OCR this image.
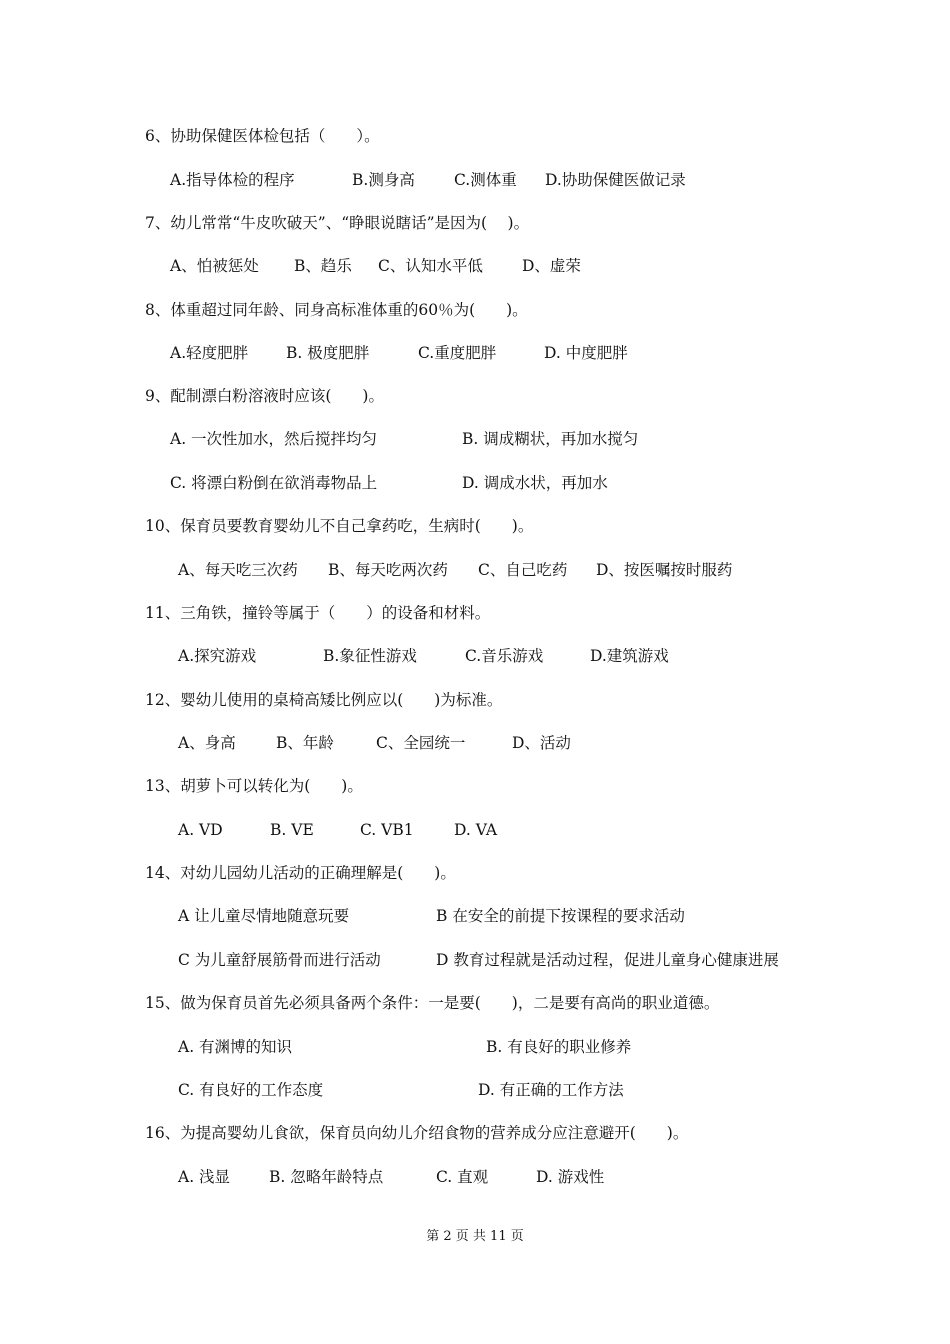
6、协助保健医体检包括（　　）。
A.指导体检的程序	B.测身高	C.测体重 D.协助保健医做记录
7、幼儿常常“牛皮吹破天”、“睁眼说瞎话”是因为(　 )。
A、怕被惩处 B、趋乐 C、认知水平低	D、虚荣
8、体重超过同年龄、同身高标准体重的60％为(　　)。
A.轻度肥胖 B. 极度肥胖	C.重度肥胖	D. 中度肥胖
9、配制漂白粉溶液时应该(　　)。
A. 一次性加水，然后搅拌均匀	B. 调成糊状，再加水搅匀
C. 将漂白粉倒在欲消毒物品上	D. 调成水状，再加水
10、保育员要教育婴幼儿不自己拿药吃，生病时(　　)。
A、每天吃三次药 B、每天吃两次药 C、自己吃药 D、按医嘱按时服药
11、三角铁，撞铃等属于（　　）的设备和材料。
A.探究游戏	B.象征性游戏	C.音乐游戏	D.建筑游戏
12、婴幼儿使用的桌椅高矮比例应以(　　)为标准。
A、身高	B、年龄	C、全园统一	D、活动
13、胡萝卜可以转化为(　　)。
A. VD	B. VE	C. VB1	D. VA
14、对幼儿园幼儿活动的正确理解是(　　)。
A 让儿童尽情地随意玩要	B 在安全的前提下按课程的要求活动
C 为儿童舒展筋骨而进行活动	D 教育过程就是活动过程，促进儿童身心健康进展
15、做为保育员首先必须具备两个条件：一是要(　　)，二是要有高尚的职业道德。
A. 有渊博的知识	B. 有良好的职业修养
C. 有良好的工作态度	D. 有正确的工作方法
16、为提高婴幼儿食欲，保育员向幼儿介绍食物的营养成分应注意避开(　　)。
A. 浅显	B. 忽略年龄特点	C. 直观	D. 游戏性
第 2 页 共 11 页
